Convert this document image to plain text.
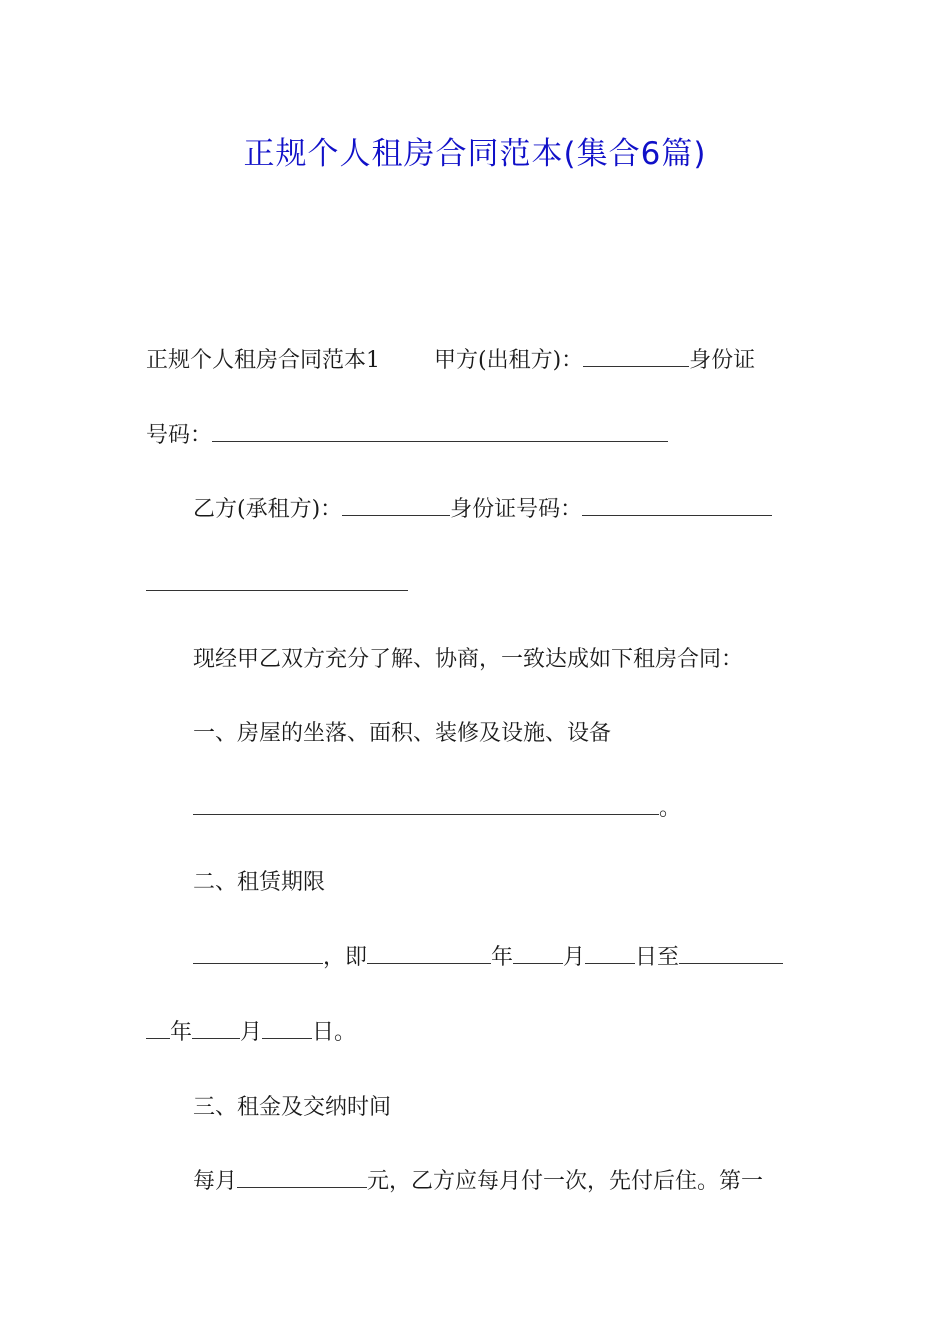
正规个人租房合同范本(集合6篇)
正规个人租房合同范本1 甲方(出租方)：	身份证
号码：
乙方(承租方)：	身份证号码：
现经甲乙双方充分了解、协商，一致达成如下租房合同：
一、房屋的坐落、面积、装修及设施、设备
。
二、租赁期限
，即	年 月 日至
年 月 日。
三、租金及交纳时间
每月	元，乙方应每月付一次，先付后住。第一
